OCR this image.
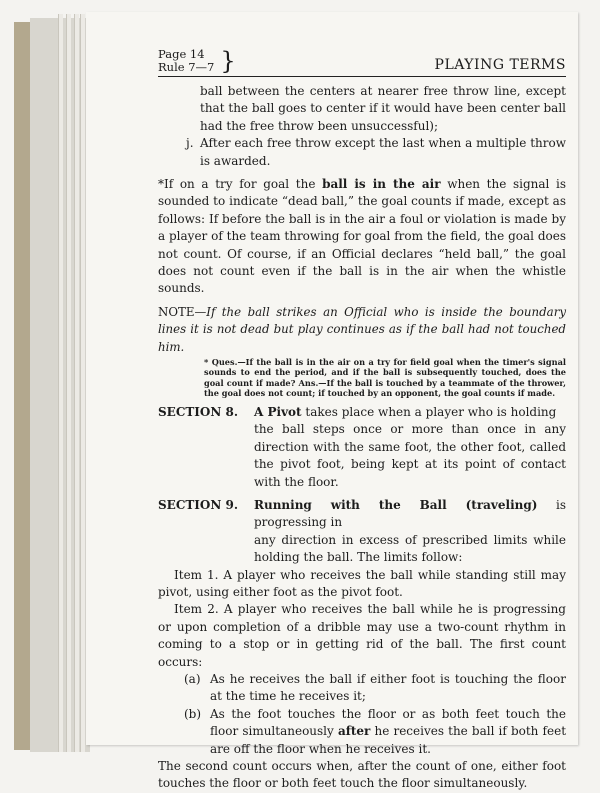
Page 14
Rule 7—7 }	PLAYING TERMS

ball between the centers at nearer free throw line, except that the ball goes to center if it would have been center ball had the free throw been unsuccessful);

j. After each free throw except the last when a multiple throw is awarded.

*If on a try for goal the ball is in the air when the signal is sounded to indicate “dead ball,” the goal counts if made, except as follows: If before the ball is in the air a foul or violation is made by a player of the team throwing for goal from the field, the goal does not count. Of course, if an Official declares “held ball,” the goal does not count even if the ball is in the air when the whistle sounds.

NOTE—If the ball strikes an Official who is inside the boundary lines it is not dead but play continues as if the ball had not touched him.

* Ques.—If the ball is in the air on a try for field goal when the timer's signal sounds to end the period, and if the ball is subsequently touched, does the goal count if made? Ans.—If the ball is touched by a teammate of the thrower, the goal does not count; if touched by an opponent, the goal counts if made.

SECTION 8.	A Pivot takes place when a player who is holding

the ball steps once or more than once in any direction with the same foot, the other foot, called the pivot foot, being kept at its point of contact with the floor.

SECTION 9.	Running with the Ball (traveling) is progressing in

any direction in excess of prescribed limits while holding the ball. The limits follow:

Item 1. A player who receives the ball while standing still may pivot, using either foot as the pivot foot.

Item 2. A player who receives the ball while he is progressing or upon completion of a dribble may use a two-count rhythm in coming to a stop or in getting rid of the ball. The first count occurs:

(a) As he receives the ball if either foot is touching the floor at the time he receives it;
(b) As the foot touches the floor or as both feet touch the floor simultaneously after he receives the ball if both feet are off the floor when he receives it.

The second count occurs when, after the count of one, either foot touches the floor or both feet touch the floor simultaneously.
